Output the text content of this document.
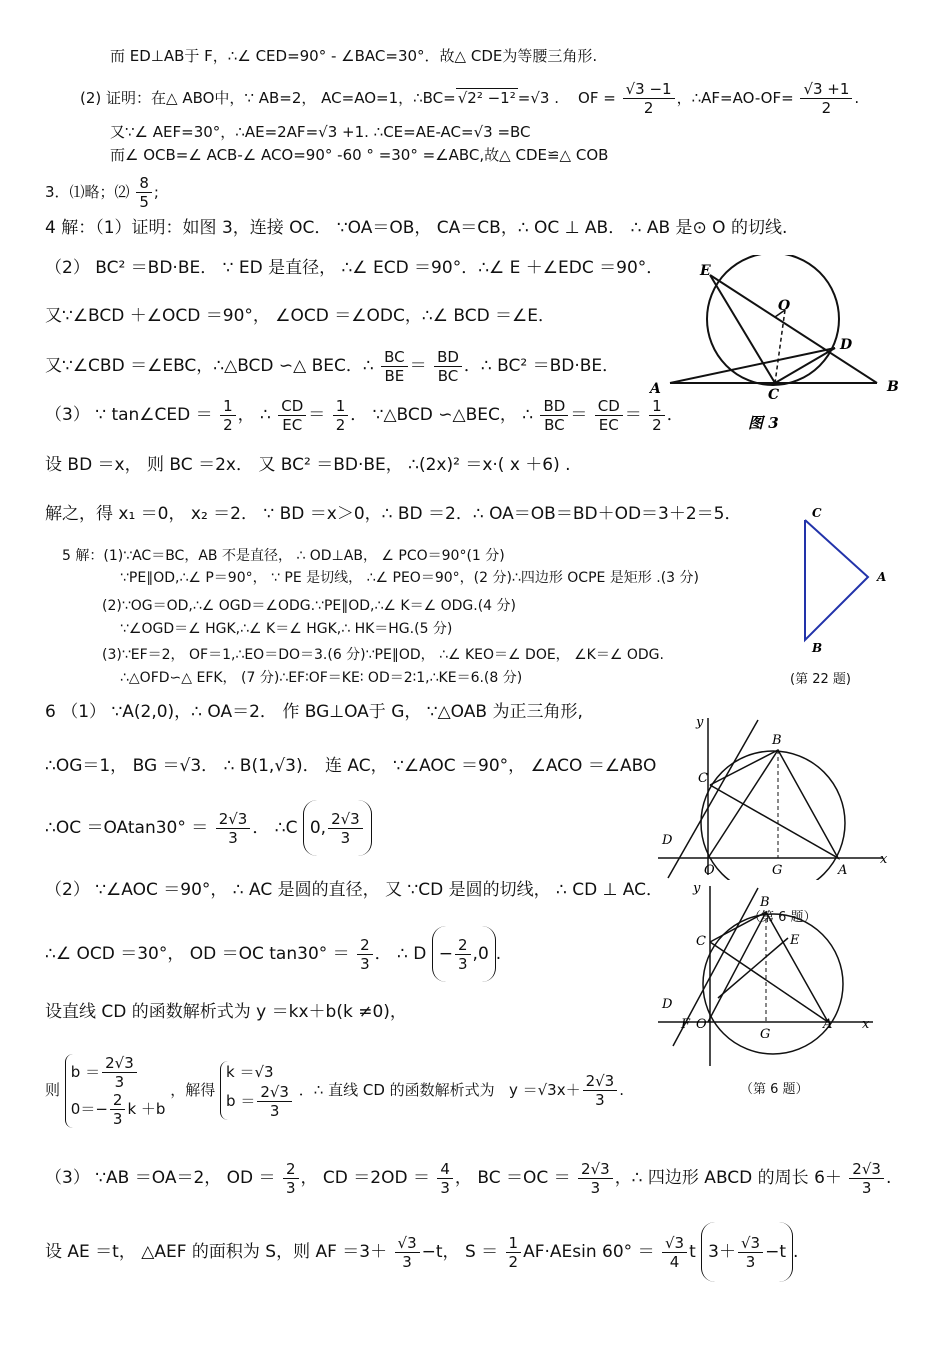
而 ED⊥AB于 F，∴∠ CED=90° - ∠BAC=30°．故△ CDE为等腰三角形.
(2) 证明：在△ ABO中，∵ AB=2， AC=AO=1，∴BC= √2² −1² =√3 . OF = $\frac{√3 -1}{2}$ ，∴AF=AO-OF= $\frac{√3 +1}{2}$ .
又∵∠ AEF=30°，∴AE=2AF=√3 +1. ∴CE=AE-AC=√3 =BC
而∠ OCB=∠ ACB-∠ ACO=90° -60 ° =30° =∠ABC,故△ CDE≌△ COB
3．⑴略；⑵ $\frac{8}{5}$ ;
4 解：（1）证明：如图 3，连接 OC． ∵OA＝OB， CA＝CB，∴ OC ⊥ AB． ∴ AB 是⊙ O 的切线.
（2） BC² ＝BD·BE． ∵ ED 是直径， ∴∠ ECD ＝90°．∴∠ E ＋∠EDC ＝90°．
又∵∠BCD ＋∠OCD ＝90°， ∠OCD ＝∠ODC，∴∠ BCD ＝∠E．
又∵∠CBD ＝∠EBC，∴△BCD ∽△ BEC．∴ $\frac{BC}{BE} = \frac{BD}{BC}$ ．∴ BC² ＝BD·BE．
（3） ∵ tan∠CED ＝ $\frac{1}{2}$ ， ∴ $\frac{CD}{EC} = \frac{1}{2}$ ． ∵△BCD ∽△BEC， ∴ $\frac{BD}{BC} = \frac{CD}{EC} = \frac{1}{2}$ ．
设 BD ＝x， 则 BC ＝2x． 又 BC² ＝BD·BE， ∴(2x)² ＝x·( x ＋6) .
解之，得 x₁ ＝0， x₂ ＝2． ∵ BD ＝x＞0，∴ BD ＝2．∴ OA＝OB＝BD＋OD＝3＋2＝5．
5 解：(1)∵AC＝BC，AB 不是直径， ∴ OD⊥AB， ∠ PCO＝90°(1 分)
∵PE∥OD,∴∠ P＝90°， ∵ PE 是切线， ∴∠ PEO＝90°，(2 分)∴四边形 OCPE 是矩形 .(3 分)
(2)∵OG＝OD,∴∠ OGD＝∠ODG.∵PE∥OD,∴∠ K＝∠ ODG.(4 分)
∵∠OGD＝∠ HGK,∴∠ K＝∠ HGK,∴ HK＝HG.(5 分)
(3)∵EF＝2， OF＝1,∴EO＝DO＝3.(6 分)∵PE∥OD， ∴∠ KEO＝∠ DOE， ∠K＝∠ ODG.
∴△OFD∽△ EFK， (7 分)∴EF∶OF＝KE∶ OD＝2∶1,∴KE＝6.(8 分)
6 （1） ∵A(2,0)，∴ OA＝2． 作 BG⊥OA于 G， ∵△OAB 为正三角形,
∴OG＝1， BG ＝√3． ∴ B(1,√3)． 连 AC， ∵∠AOC ＝90°， ∠ACO ＝∠ABO
∴OC $=OAtan30^\circ = \frac{2√3}{3}$ ． ∴C 0, $\frac{2√3}{3}$
（2） ∵∠AOC ＝90°， ∴ AC 是圆的直径， 又 ∵CD 是圆的切线， ∴ CD ⊥ AC．
∴∠ OCD ＝30°， OD ＝OC $\tan 30^\circ = \frac{2}{3}$ ． ∴ $D - \frac{2}{3} ,0$ .
设直线 CD 的函数解析式为 y ＝kx＋b(k ≠0)，
则
$b = \frac{2√3}{3}$
$0=- \frac{2}{3}$ k ＋b
，解得
k ＝√3
$b = \frac{2√3}{3}$ ．∴ 直线 CD 的函数解析式为 $y =√3x+ \frac{2√3}{3}$ .
（3） ∵AB ＝OA＝2， OD ＝ $\frac{2}{3}$ ， CD $=2OD = \frac{4}{3}$ ， BC $=OC = \frac{2√3}{3}$ ，∴ 四边形 ABCD 的周长 $6+ \frac{2√3}{3}$ .
设 AE ＝t， △AEF 的面积为 S，则 AF $=3+ \frac{√3}{3} -t$， $S = \frac{1}{2} AF\cdot AEsin$ $60^\circ = \frac{√3}{4}$ t $3+ \frac{√3}{3} -t$ .
E
O
D
A	C	B
图 3
C
A
B
(第 22 题)
y
B
C
D
O	G	A
x
（第 6 题）
y
B
C	E
D
F O
G
A x
（第 6 题）
